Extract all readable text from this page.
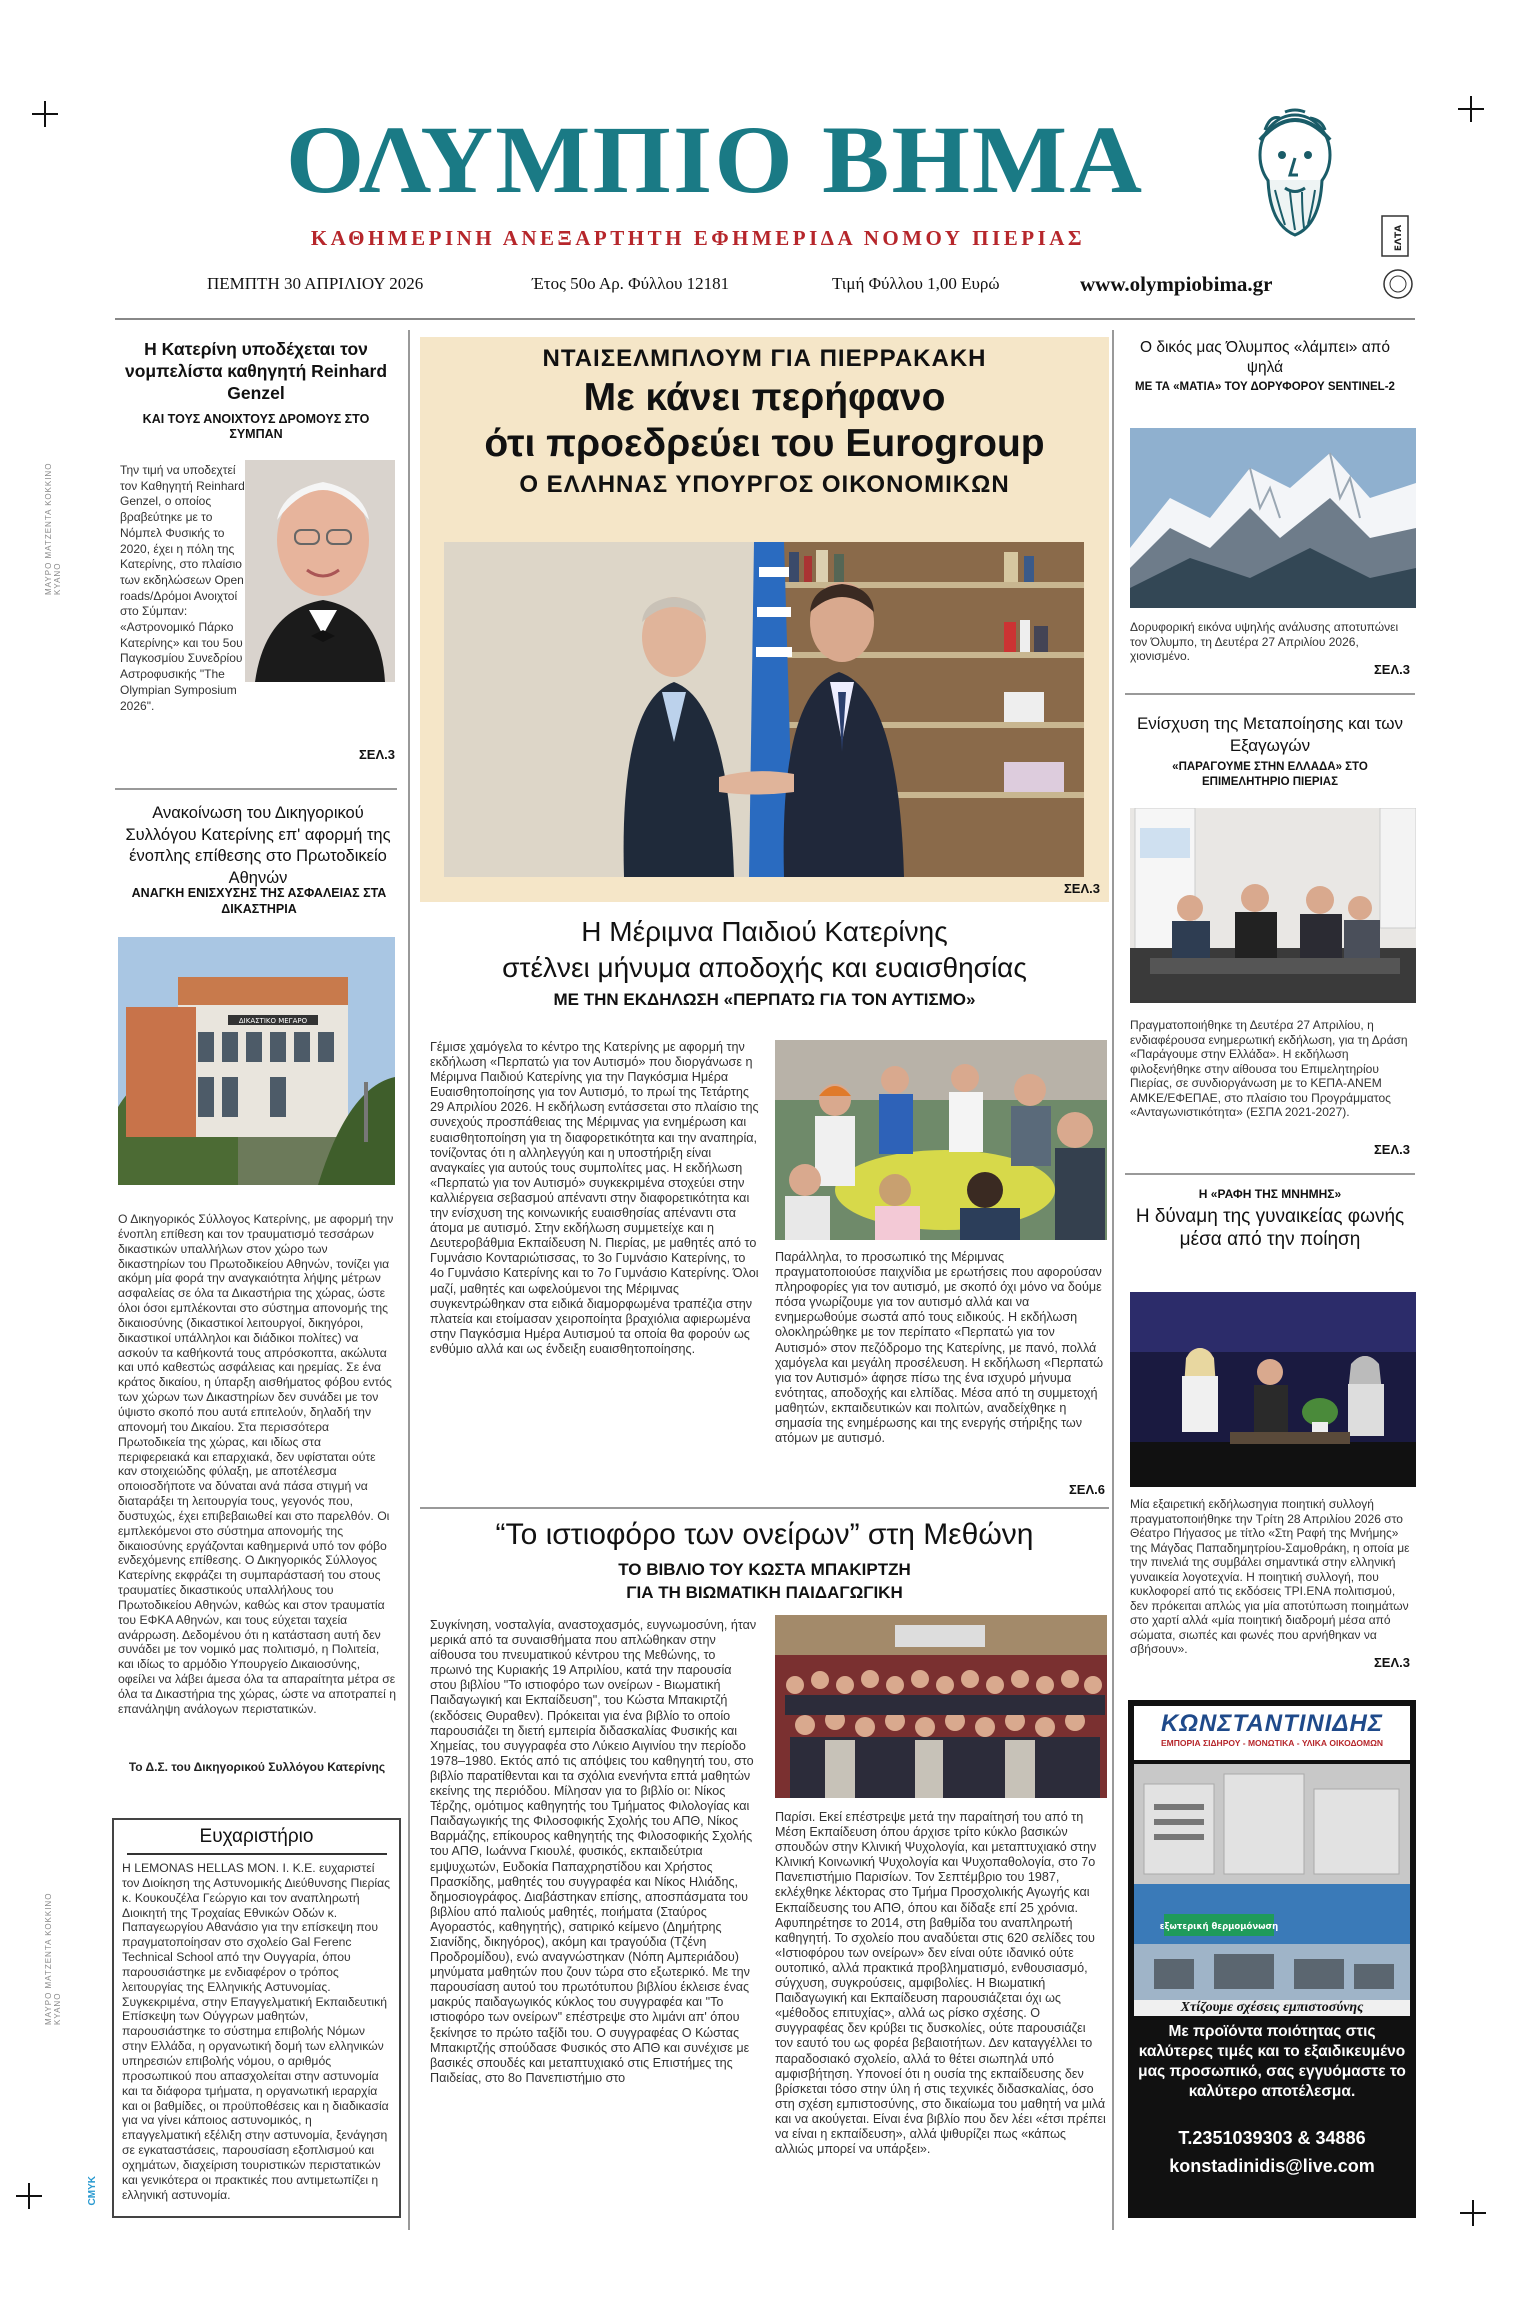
ΜΑΥΡΟ ΜΑΤΖΕΝΤΑ ΚΟΚΚΙΝΟ ΚΥΑΝΟ
ΜΑΥΡΟ ΜΑΤΖΕΝΤΑ ΚΟΚΚΙΝΟ ΚΥΑΝΟ
CMYK
ΟΛΥΜΠΙΟ ΒΗΜΑ
ΚΑΘΗΜΕΡΙΝΗ ΑΝΕΞΑΡΤΗΤΗ ΕΦΗΜΕΡΙΔΑ ΝΟΜΟΥ ΠΙΕΡΙΑΣ	ΕΛΤΑ
ΠΕΜΠΤΗ 30 ΑΠΡΙΛΙΟΥ 2026	Έτος 50ο Αρ. Φύλλου 12181	Τιμή Φύλλου 1,00 Ευρώ	www.olympiobima.gr
Η Κατερίνη υποδέχεται τον νομπελίστα καθηγητή Reinhard Genzel
ΚΑΙ ΤΟΥΣ ΑΝΟΙΧΤΟΥΣ ΔΡΟΜΟΥΣ ΣΤΟ ΣΥΜΠΑΝ
Την τιμή να υποδεχτεί τον Καθηγητή Reinhard Genzel, ο οποίος βραβεύτηκε με το Νόμπελ Φυσικής το 2020, έχει η πόλη της Κατερίνης, στο πλαίσιο των εκδηλώσεων Open roads/Δρόμοι Ανοιχτοί στο Σύμπαν: «Αστρονομικό Πάρκο Κατερίνης» και του 5ου Παγκοσμίου Συνεδρίου Αστροφυσικής "The Olympian Symposium 2026".
ΣΕΛ.3
Ανακοίνωση του Δικηγορικού Συλλόγου Κατερίνης επ' αφορμή της ένοπλης επίθεσης στο Πρωτοδικείο Αθηνών
ΑΝΑΓΚΗ ΕΝΙΣΧΥΣΗΣ ΤΗΣ ΑΣΦΑΛΕΙΑΣ ΣΤΑ ΔΙΚΑΣΤΗΡΙΑ
ΔΙΚΑΣΤΙΚΟ ΜΕΓΑΡΟ
Ο Δικηγορικός Σύλλογος Κατερίνης, με αφορμή την ένοπλη επίθεση και τον τραυματισμό τεσσάρων δικαστικών υπαλλήλων στον χώρο των δικαστηρίων του Πρωτοδικείου Αθηνών, τονίζει για ακόμη μία φορά την αναγκαιότητα λήψης μέτρων ασφαλείας σε όλα τα Δικαστήρια της χώρας, ώστε όλοι όσοι εμπλέκονται στο σύστημα απονομής της δικαιοσύνης (δικαστικοί λειτουργοί, δικηγόροι, δικαστικοί υπάλληλοι και διάδικοι πολίτες) να ασκούν τα καθήκοντά τους απρόσκοπτα, ακώλυτα και υπό καθεστώς ασφάλειας και ηρεμίας. Σε ένα κράτος δικαίου, η ύπαρξη αισθήματος φόβου εντός των χώρων των Δικαστηρίων δεν συνάδει με τον ύψιστο σκοπό που αυτά επιτελούν, δηλαδή την απονομή του Δικαίου. Στα περισσότερα Πρωτοδικεία της χώρας, και ιδίως στα περιφερειακά και επαρχιακά, δεν υφίσταται ούτε καν στοιχειώδης φύλαξη, με αποτέλεσμα οποιοσδήποτε να δύναται ανά πάσα στιγμή να διαταράξει τη λειτουργία τους, γεγονός που, δυστυχώς, έχει επιβεβαιωθεί και στο παρελθόν. Οι εμπλεκόμενοι στο σύστημα απονομής της δικαιοσύνης εργάζονται καθημερινά υπό τον φόβο ενδεχόμενης επίθεσης. Ο Δικηγορικός Σύλλογος Κατερίνης εκφράζει τη συμπαράστασή του στους τραυματίες δικαστικούς υπαλλήλους του Πρωτοδικείου Αθηνών, καθώς και στον τραυματία του ΕΦΚΑ Αθηνών, και τους εύχεται ταχεία ανάρρωση. Δεδομένου ότι η κατάσταση αυτή δεν συνάδει με τον νομικό μας πολιτισμό, η Πολιτεία, και ιδίως το αρμόδιο Υπουργείο Δικαιοσύνης, οφείλει να λάβει άμεσα όλα τα απαραίτητα μέτρα σε όλα τα Δικαστήρια της χώρας, ώστε να αποτραπεί η επανάληψη ανάλογων περιστατικών.
Το Δ.Σ. του Δικηγορικού Συλλόγου Κατερίνης
Ευχαριστήριο
Η LEMONAS HELLAS ΜΟΝ. Ι. Κ.Ε. ευχαριστεί τον Διοίκηση της Αστυνομικής Διεύθυνσης Πιερίας κ. Κουκουζέλα Γεώργιο και τον αναπληρωτή Διοικητή της Τροχαίας Εθνικών Οδών κ. Παπαγεωργίου Αθανάσιο για την επίσκεψη που πραγματοποίησαν στο σχολείο Gal Ferenc Technical School από την Ουγγαρία, όπου παρουσιάστηκε με ενδιαφέρον ο τρόπος λειτουργίας της Ελληνικής Αστυνομίας. Συγκεκριμένα, στην Επαγγελματική Εκπαιδευτική Επίσκεψη των Ούγγρων μαθητών, παρουσιάστηκε το σύστημα επιβολής Νόμων στην Ελλάδα, η οργανωτική δομή των ελληνικών υπηρεσιών επιβολής νόμου, ο αριθμός προσωπικού που απασχολείται στην αστυνομία και τα διάφορα τμήματα, η οργανωτική ιεραρχία και οι βαθμίδες, οι προϋποθέσεις και η διαδικασία για να γίνει κάποιος αστυνομικός, η επαγγελματική εξέλιξη στην αστυνομία, ξενάγηση σε εγκαταστάσεις, παρουσίαση εξοπλισμού και οχημάτων, διαχείριση τουριστικών περιστατικών και γενικότερα οι πρακτικές που αντιμετωπίζει η ελληνική αστυνομία.
ΝΤΑΙΣΕΛΜΠΛΟΥΜ ΓΙΑ ΠΙΕΡΡΑΚΑΚΗ
Με κάνει περήφανο
ότι προεδρεύει του Eurogroup
Ο ΕΛΛΗΝΑΣ ΥΠΟΥΡΓΟΣ ΟΙΚΟΝΟΜΙΚΩΝ
ΣΕΛ.3
Η Μέριμνα Παιδιού Κατερίνης
στέλνει μήνυμα αποδοχής και ευαισθησίας
ΜΕ ΤΗΝ ΕΚΔΗΛΩΣΗ «ΠΕΡΠΑΤΩ ΓΙΑ ΤΟΝ ΑΥΤΙΣΜΟ»
Γέμισε χαμόγελα το κέντρο της Κατερίνης με αφορμή την εκδήλωση «Περπατώ για τον Αυτισμό» που διοργάνωσε η Μέριμνα Παιδιού Κατερίνης για την Παγκόσμια Ημέρα Ευαισθητοποίησης για τον Αυτισμό, το πρωί της Τετάρτης 29 Απριλίου 2026. Η εκδήλωση εντάσσεται στο πλαίσιο της συνεχούς προσπάθειας της Μέριμνας για ενημέρωση και ευαισθητοποίηση για τη διαφορετικότητα και την αναπηρία, τονίζοντας ότι η αλληλεγγύη και η υποστήριξη είναι αναγκαίες για αυτούς τους συμπολίτες μας. Η εκδήλωση «Περπατώ για τον Αυτισμό» συγκεκριμένα στοχεύει στην καλλιέργεια σεβασμού απέναντι στην διαφορετικότητα και την ενίσχυση της κοινωνικής ευαισθησίας απέναντι στα άτομα με αυτισμό. Στην εκδήλωση συμμετείχε και η Δευτεροβάθμια Εκπαίδευση Ν. Πιερίας, με μαθητές από το Γυμνάσιο Κονταριώτισσας, το 3ο Γυμνάσιο Κατερίνης, το 4ο Γυμνάσιο Κατερίνης και το 7ο Γυμνάσιο Κατερίνης. Όλοι μαζί, μαθητές και ωφελούμενοι της Μέριμνας συγκεντρώθηκαν στα ειδικά διαμορφωμένα τραπέζια στην πλατεία και ετοίμασαν χειροποίητα βραχιόλια αφιερωμένα στην Παγκόσμια Ημέρα Αυτισμού τα οποία θα φορούν ως ενθύμιο αλλά και ως ένδειξη ευαισθητοποίησης.
Παράλληλα, το προσωπικό της Μέριμνας πραγματοποιούσε παιχνίδια με ερωτήσεις που αφορούσαν πληροφορίες για τον αυτισμό, με σκοπό όχι μόνο να δούμε πόσα γνωρίζουμε για τον αυτισμό αλλά και να ενημερωθούμε σωστά από τους ειδικούς. Η εκδήλωση ολοκληρώθηκε με τον περίπατο «Περπατώ για τον Αυτισμό» στον πεζόδρομο της Κατερίνης, με πανό, πολλά χαμόγελα και μεγάλη προσέλευση. Η εκδήλωση «Περπατώ για τον Αυτισμό» άφησε πίσω της ένα ισχυρό μήνυμα ενότητας, αποδοχής και ελπίδας. Μέσα από τη συμμετοχή μαθητών, εκπαιδευτικών και πολιτών, αναδείχθηκε η σημασία της ενημέρωσης και της ενεργής στήριξης των ατόμων με αυτισμό.
ΣΕΛ.6
“Το ιστιοφόρο των ονείρων” στη Μεθώνη
ΤΟ ΒΙΒΛΙΟ ΤΟΥ ΚΩΣΤΑ ΜΠΑΚΙΡΤΖΗ
ΓΙΑ ΤΗ ΒΙΩΜΑΤΙΚΗ ΠΑΙΔΑΓΩΓΙΚΗ
Συγκίνηση, νοσταλγία, αναστοχασμός, ευγνωμοσύνη, ήταν μερικά από τα συναισθήματα που απλώθηκαν στην αίθουσα του πνευματικού κέντρου της Μεθώνης, το πρωινό της Κυριακής 19 Απριλίου, κατά την παρουσία στου βιβλίου "Το ιστιοφόρο των ονείρων - Βιωματική Παιδαγωγική και Εκπαίδευση", του Κώστα Μπακιρτζή (εκδόσεις Θυραθεν). Πρόκειται για ένα βιβλίο το οποίο παρουσιάζει τη διετή εμπειρία διδασκαλίας Φυσικής και Χημείας, του συγγραφέα στο Λύκειο Αιγινίου την περίοδο 1978–1980. Εκτός από τις απόψεις του καθηγητή του, στο βιβλίο παρατίθενται και τα σχόλια ενενήντα επτά μαθητών εκείνης της περιόδου. Μίλησαν για το βιβλίο οι: Νίκος Τέρζης, ομότιμος καθηγητής του Τμήματος Φιλολογίας και Παιδαγωγικής της Φιλοσοφικής Σχολής του ΑΠΘ, Νίκος Βαρμάζης, επίκουρος καθηγητής της Φιλοσοφικής Σχολής του ΑΠΘ, Ιωάννα Γκιουλέ, φυσικός, εκπαιδεύτρια εμψυχωτών, Ευδοκία Παπαχρηστίδου και Χρήστος Πρασκίδης, μαθητές του συγγραφέα και Νίκος Ηλιάδης, δημοσιογράφος. Διαβάστηκαν επίσης, αποσπάσματα του βιβλίου από παλιούς μαθητές, ποιήματα (Σταύρος Αγοραστός, καθηγητής), σατιρικό κείμενο (Δημήτρης Σιανίδης, δικηγόρος), ακόμη και τραγούδια (Τζένη Προδρομίδου), ενώ αναγνώστηκαν (Νόπη Αμπεριάδου) μηνύματα μαθητών που ζουν τώρα στο εξωτερικό. Με την παρουσίαση αυτού του πρωτότυπου βιβλίου έκλεισε ένας μακρύς παιδαγωγικός κύκλος του συγγραφέα και "Το ιστιοφόρο των ονείρων" επέστρεψε στο λιμάνι απ' όπου ξεκίνησε το πρώτο ταξίδι του. Ο συγγραφέας Ο Κώστας Μπακιρτζής σπούδασε Φυσικός στο ΑΠΘ και συνέχισε με βασικές σπουδές και μεταπτυχιακό στις Επιστήμες της Παιδείας, στο 8ο Πανεπιστήμιο στο
Παρίσι. Εκεί επέστρεψε μετά την παραίτησή του από τη Μέση Εκπαίδευση όπου άρχισε τρίτο κύκλο βασικών σπουδών στην Κλινική Ψυχολογία, και μεταπτυχιακό στην Κλινική Κοινωνική Ψυχολογία και Ψυχοπαθολογία, στο 7ο Πανεπιστήμιο Παρισίων. Τον Σεπτέμβριο του 1987, εκλέχθηκε λέκτορας στο Τμήμα Προσχολικής Αγωγής και Εκπαίδευσης του ΑΠΘ, όπου και δίδαξε επί 25 χρόνια. Αφυπηρέτησε το 2014, στη βαθμίδα του αναπληρωτή καθηγητή. Το σχολείο που αναδύεται στις 620 σελίδες του «Ιστιοφόρου των ονείρων» δεν είναι ούτε ιδανικό ούτε ουτοπικό, αλλά πρακτικά προβληματισμό, ενθουσιασμό, σύγχυση, συγκρούσεις, αμφιβολίες. Η Βιωματική Παιδαγωγική και Εκπαίδευση παρουσιάζεται όχι ως «μέθοδος επιτυχίας», αλλά ως ρίσκο σχέσης. Ο συγγραφέας δεν κρύβει τις δυσκολίες, ούτε παρουσιάζει τον εαυτό του ως φορέα βεβαιοτήτων. Δεν καταγγέλλει το παραδοσιακό σχολείο, αλλά το θέτει σιωπηλά υπό αμφισβήτηση. Υπονοεί ότι η ουσία της εκπαίδευσης δεν βρίσκεται τόσο στην ύλη ή στις τεχνικές διδασκαλίας, όσο στη σχέση εμπιστοσύνης, στο δικαίωμα του μαθητή να μιλά και να ακούγεται. Είναι ένα βιβλίο που δεν λέει «έτσι πρέπει να είναι η εκπαίδευση», αλλά ψιθυρίζει πως «κάπως αλλιώς μπορεί να υπάρξει».
Ο δικός μας Όλυμπος «λάμπει» από ψηλά
ΜΕ ΤΑ «ΜΑΤΙΑ» ΤΟΥ ΔΟΡΥΦΟΡΟΥ SENTINEL-2
Δορυφορική εικόνα υψηλής ανάλυσης αποτυπώνει τον Όλυμπο, τη Δευτέρα 27 Απριλίου 2026, χιονισμένο.
ΣΕΛ.3
Ενίσχυση της Μεταποίησης και των Εξαγωγών
«ΠΑΡΑΓΟΥΜΕ ΣΤΗΝ ΕΛΛΑΔΑ» ΣΤΟ ΕΠΙΜΕΛΗΤΗΡΙΟ ΠΙΕΡΙΑΣ
Πραγματοποιήθηκε τη Δευτέρα 27 Απριλίου, η ενδιαφέρουσα ενημερωτική εκδήλωση, για τη Δράση «Παράγουμε στην Ελλάδα». Η εκδήλωση φιλοξενήθηκε στην αίθουσα του Επιμελητηρίου Πιερίας, σε συνδιοργάνωση με το ΚΕΠΑ-ΑΝΕΜ ΑΜΚΕ/ΕΦΕΠΑΕ, στο πλαίσιο του Προγράμματος «Ανταγωνιστικότητα» (ΕΣΠΑ 2021-2027).
ΣΕΛ.3
Η «ΡΑΦΗ ΤΗΣ ΜΝΗΜΗΣ»
Η δύναμη της γυναικείας φωνής μέσα από την ποίηση
Μία εξαιρετική εκδήλωσηγια ποιητική συλλογή πραγματοποιήθηκε την Τρίτη 28 Απριλίου 2026 στο Θέατρο Πήγασος με τίτλο «Στη Ραφή της Μνήμης» της Μάγδας Παπαδημητρίου-Σαμοθράκη, η οποία με την πινελιά της συμβάλει σημαντικά στην ελληνική γυναικεία λογοτεχνία. Η ποιητική συλλογή, που κυκλοφορεί από τις εκδόσεις ΤΡΙ.ΕΝΑ πολιτισμού, δεν πρόκειται απλώς για μία αποτύπωση ποιημάτων στο χαρτί αλλά «μία ποιητική διαδρομή μέσα από σώματα, σιωπές και φωνές που αρνήθηκαν να σβήσουν».
ΣΕΛ.3
ΚΩΝΣΤΑΝΤΙΝΙΔΗΣ
ΕΜΠΟΡΙΑ ΣΙΔΗΡΟΥ - ΜΟΝΩΤΙΚΑ - ΥΛΙΚΑ ΟΙΚΟΔΟΜΩΝ
εξωτερική θερμομόνωση
Χτίζουμε σχέσεις εμπιστοσύνης
Με προϊόντα ποιότητας στις καλύτερες τιμές και το εξαιδικευμένο μας προσωπικό, σας εγγυόμαστε το καλύτερο αποτέλεσμα.
Τ.2351039303 & 34886
konstadinidis@live.com
